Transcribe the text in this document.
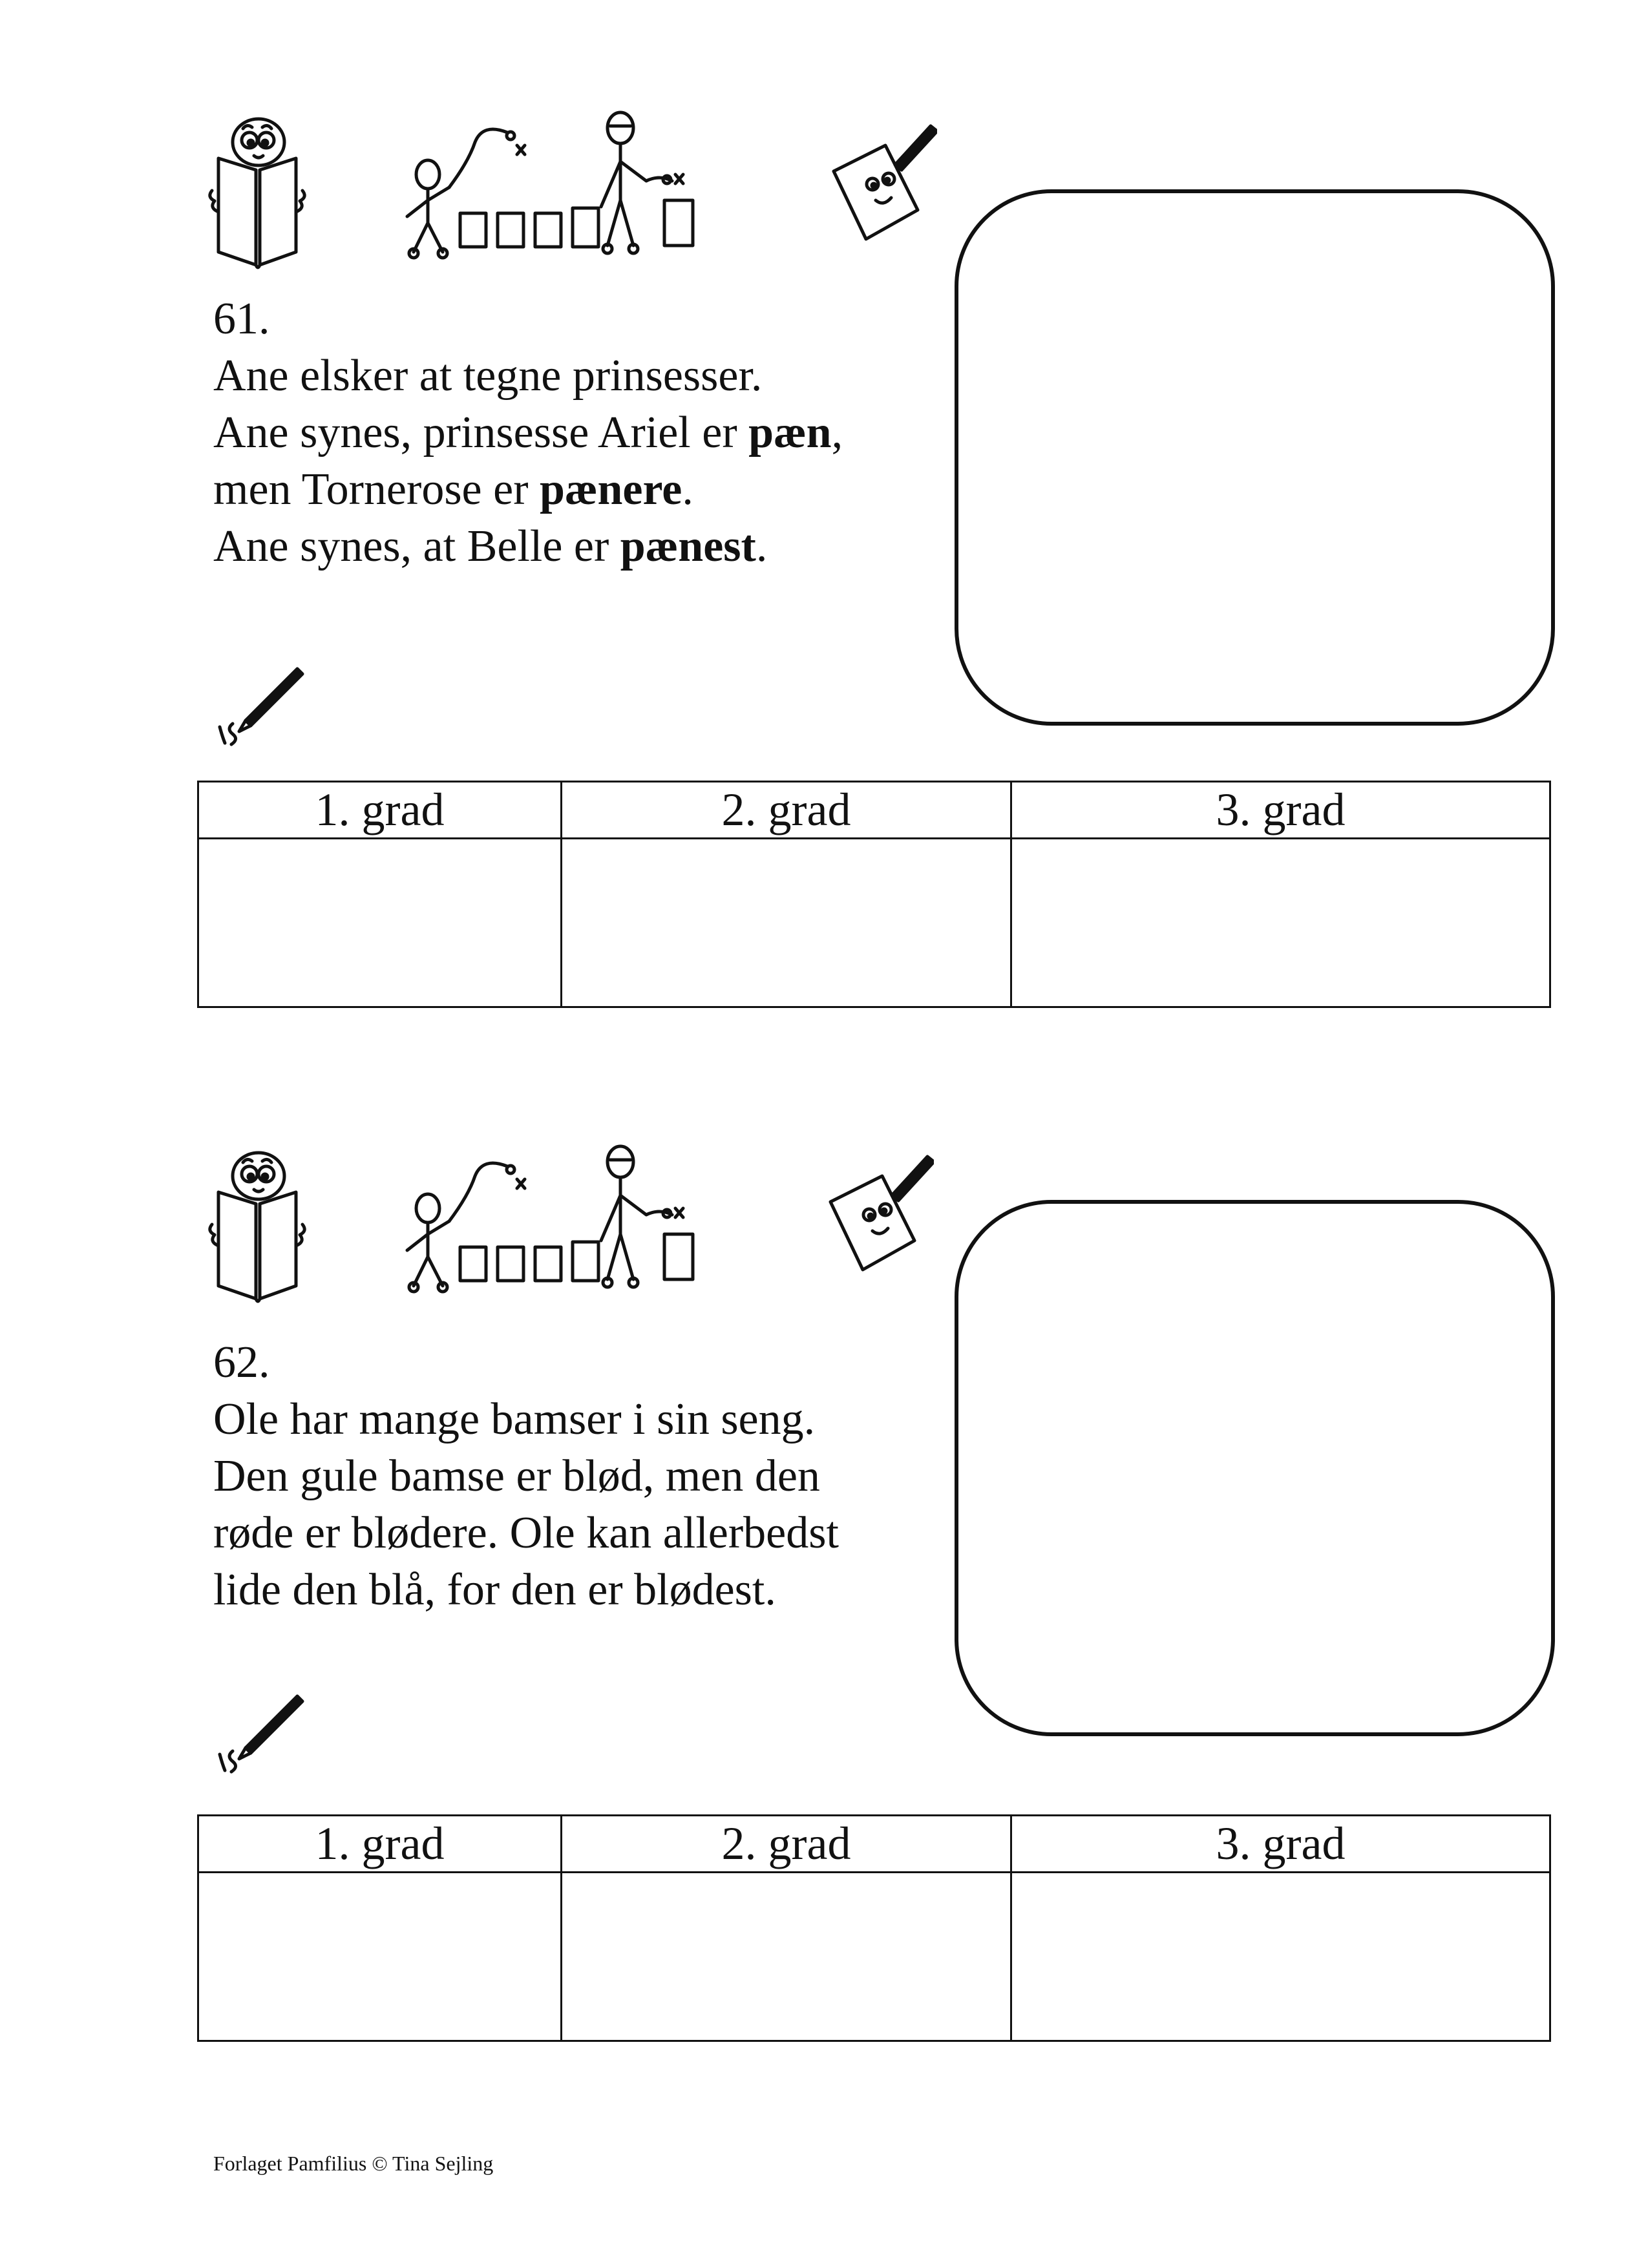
61.
Ane elsker at tegne prinsesser.
Ane synes, prinsesse Ariel er pæn,
men Tornerose er pænere.
Ane synes, at Belle er pænest.
1. grad	2. grad	3. grad

62.
Ole har mange bamser i sin seng.
Den gule bamse er blød, men den
røde er blødere. Ole kan allerbedst
lide den blå, for den er blødest.
1. grad	2. grad	3. grad

Forlaget Pamfilius © Tina Sejling
